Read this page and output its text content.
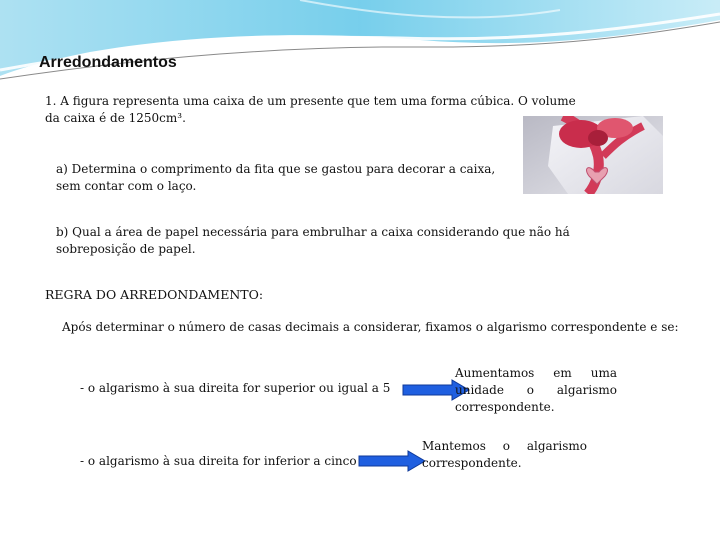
Arredondamentos

1. A figura representa uma caixa de um presente que tem uma forma cúbica. O volume da caixa é de 1250cm³.

a) Determina o comprimento da fita que se gastou para decorar a caixa, sem contar com o laço.

b) Qual a área de papel necessária para embrulhar a caixa considerando que não há sobreposição de papel.

REGRA DO ARREDONDAMENTO:

Após determinar o número de casas decimais a considerar, fixamos o algarismo correspondente e se:

- o algarismo à sua direita for superior ou igual a 5

Aumentamos em uma unidade o algarismo correspondente.

- o algarismo à sua direita for inferior a cinco

Mantemos o algarismo correspondente.
